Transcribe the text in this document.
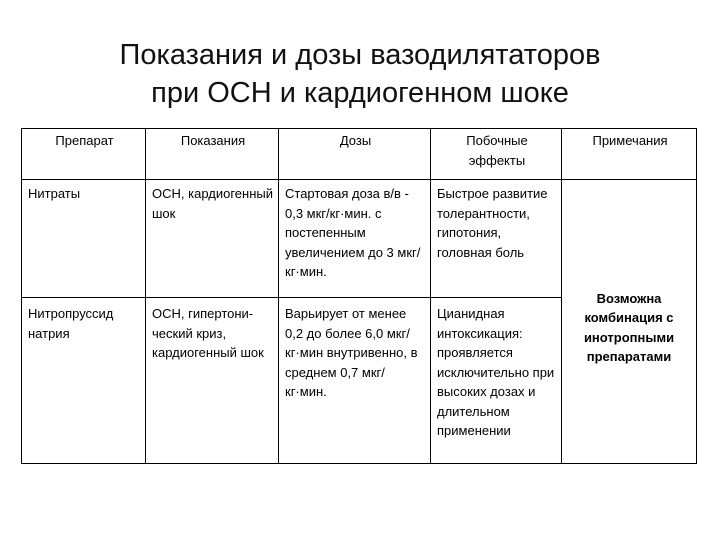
Показания и дозы вазодилятаторов
при ОСН и кардиогенном шоке
Препарат	Показания	Дозы	Побочные эффекты	Примечания
Нитраты	ОСН, кардиогенный шок	Стартовая доза в/в - 0,3 мкг/кг·мин. с постепенным увеличением до 3 мкг/кг·мин.	Быстрое развитие толерантности, гипотония, головная боль	Возможна комбинация с инотропными препаратами

Нитропруссид натрия	ОСН, гипертони-ческий криз, кардиогенный шок	Варьирует от менее 0,2 до более 6,0 мкг/кг·мин внутривенно, в среднем 0,7 мкг/кг·мин.	Цианидная интоксикация: проявляется исключительно при высоких дозах и длительном применении	
